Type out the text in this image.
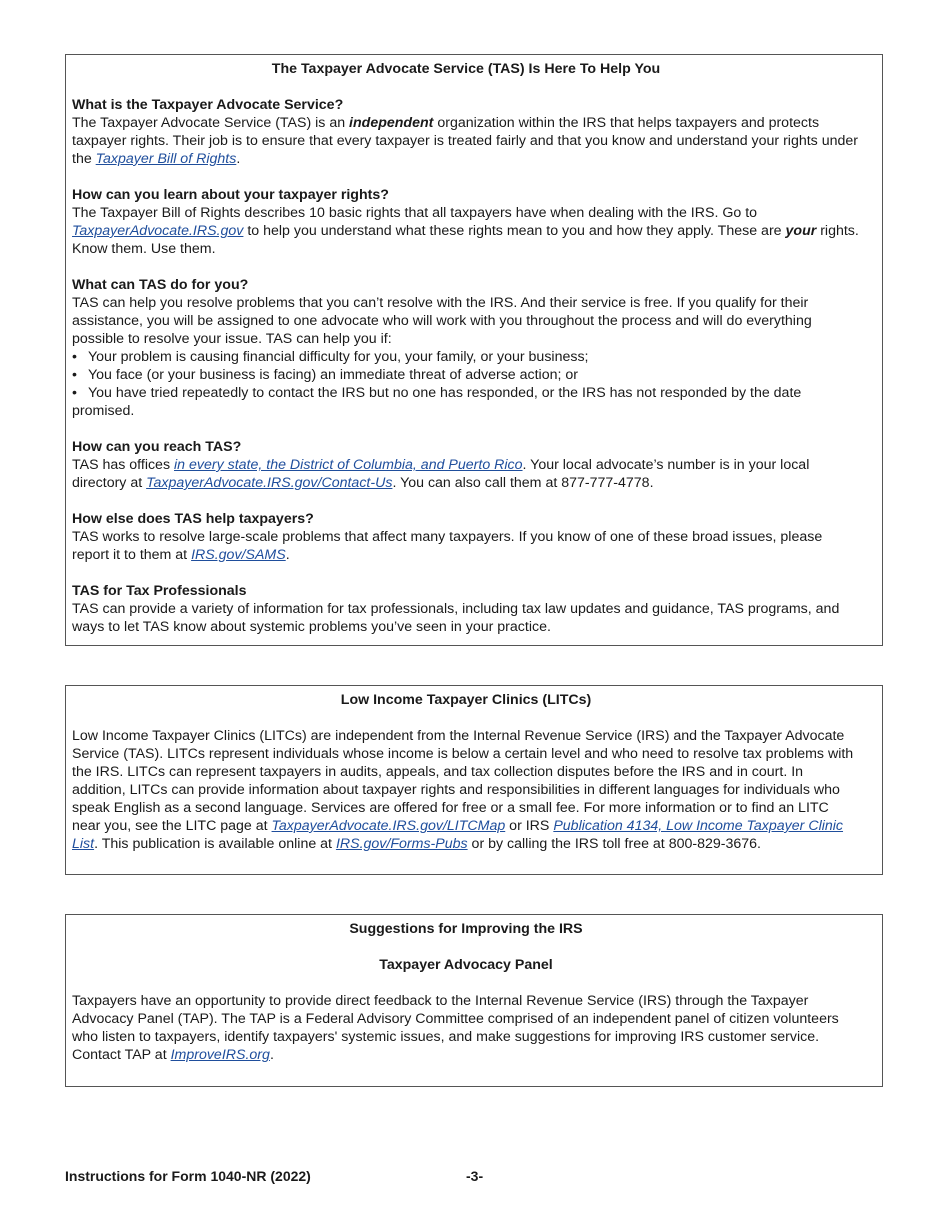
The Taxpayer Advocate Service (TAS) Is Here To Help You

What is the Taxpayer Advocate Service?

The Taxpayer Advocate Service (TAS) is an independent organization within the IRS that helps taxpayers and protects taxpayer rights. Their job is to ensure that every taxpayer is treated fairly and that you know and understand your rights under the Taxpayer Bill of Rights.

How can you learn about your taxpayer rights?

The Taxpayer Bill of Rights describes 10 basic rights that all taxpayers have when dealing with the IRS. Go to TaxpayerAdvocate.IRS.gov to help you understand what these rights mean to you and how they apply. These are your rights. Know them. Use them.

What can TAS do for you?

TAS can help you resolve problems that you can’t resolve with the IRS. And their service is free. If you qualify for their assistance, you will be assigned to one advocate who will work with you throughout the process and will do everything possible to resolve your issue. TAS can help you if:

• Your problem is causing financial difficulty for you, your family, or your business;
• You face (or your business is facing) an immediate threat of adverse action; or
• You have tried repeatedly to contact the IRS but no one has responded, or the IRS has not responded by the date promised.

How can you reach TAS?

TAS has offices in every state, the District of Columbia, and Puerto Rico. Your local advocate’s number is in your local directory at TaxpayerAdvocate.IRS.gov/Contact-Us. You can also call them at 877-777-4778.

How else does TAS help taxpayers?

TAS works to resolve large-scale problems that affect many taxpayers. If you know of one of these broad issues, please report it to them at IRS.gov/SAMS.

TAS for Tax Professionals

TAS can provide a variety of information for tax professionals, including tax law updates and guidance, TAS programs, and ways to let TAS know about systemic problems you’ve seen in your practice.

Low Income Taxpayer Clinics (LITCs)

Low Income Taxpayer Clinics (LITCs) are independent from the Internal Revenue Service (IRS) and the Taxpayer Advocate Service (TAS). LITCs represent individuals whose income is below a certain level and who need to resolve tax problems with the IRS. LITCs can represent taxpayers in audits, appeals, and tax collection disputes before the IRS and in court. In addition, LITCs can provide information about taxpayer rights and responsibilities in different languages for individuals who speak English as a second language. Services are offered for free or a small fee. For more information or to find an LITC near you, see the LITC page at TaxpayerAdvocate.IRS.gov/LITCMap or IRS Publication 4134, Low Income Taxpayer Clinic List. This publication is available online at IRS.gov/Forms-Pubs or by calling the IRS toll free at 800-829-3676.

Suggestions for Improving the IRS

Taxpayer Advocacy Panel

Taxpayers have an opportunity to provide direct feedback to the Internal Revenue Service (IRS) through the Taxpayer Advocacy Panel (TAP). The TAP is a Federal Advisory Committee comprised of an independent panel of citizen volunteers who listen to taxpayers, identify taxpayers' systemic issues, and make suggestions for improving IRS customer service. Contact TAP at ImproveIRS.org.

Instructions for Form 1040-NR (2022)	-3-
